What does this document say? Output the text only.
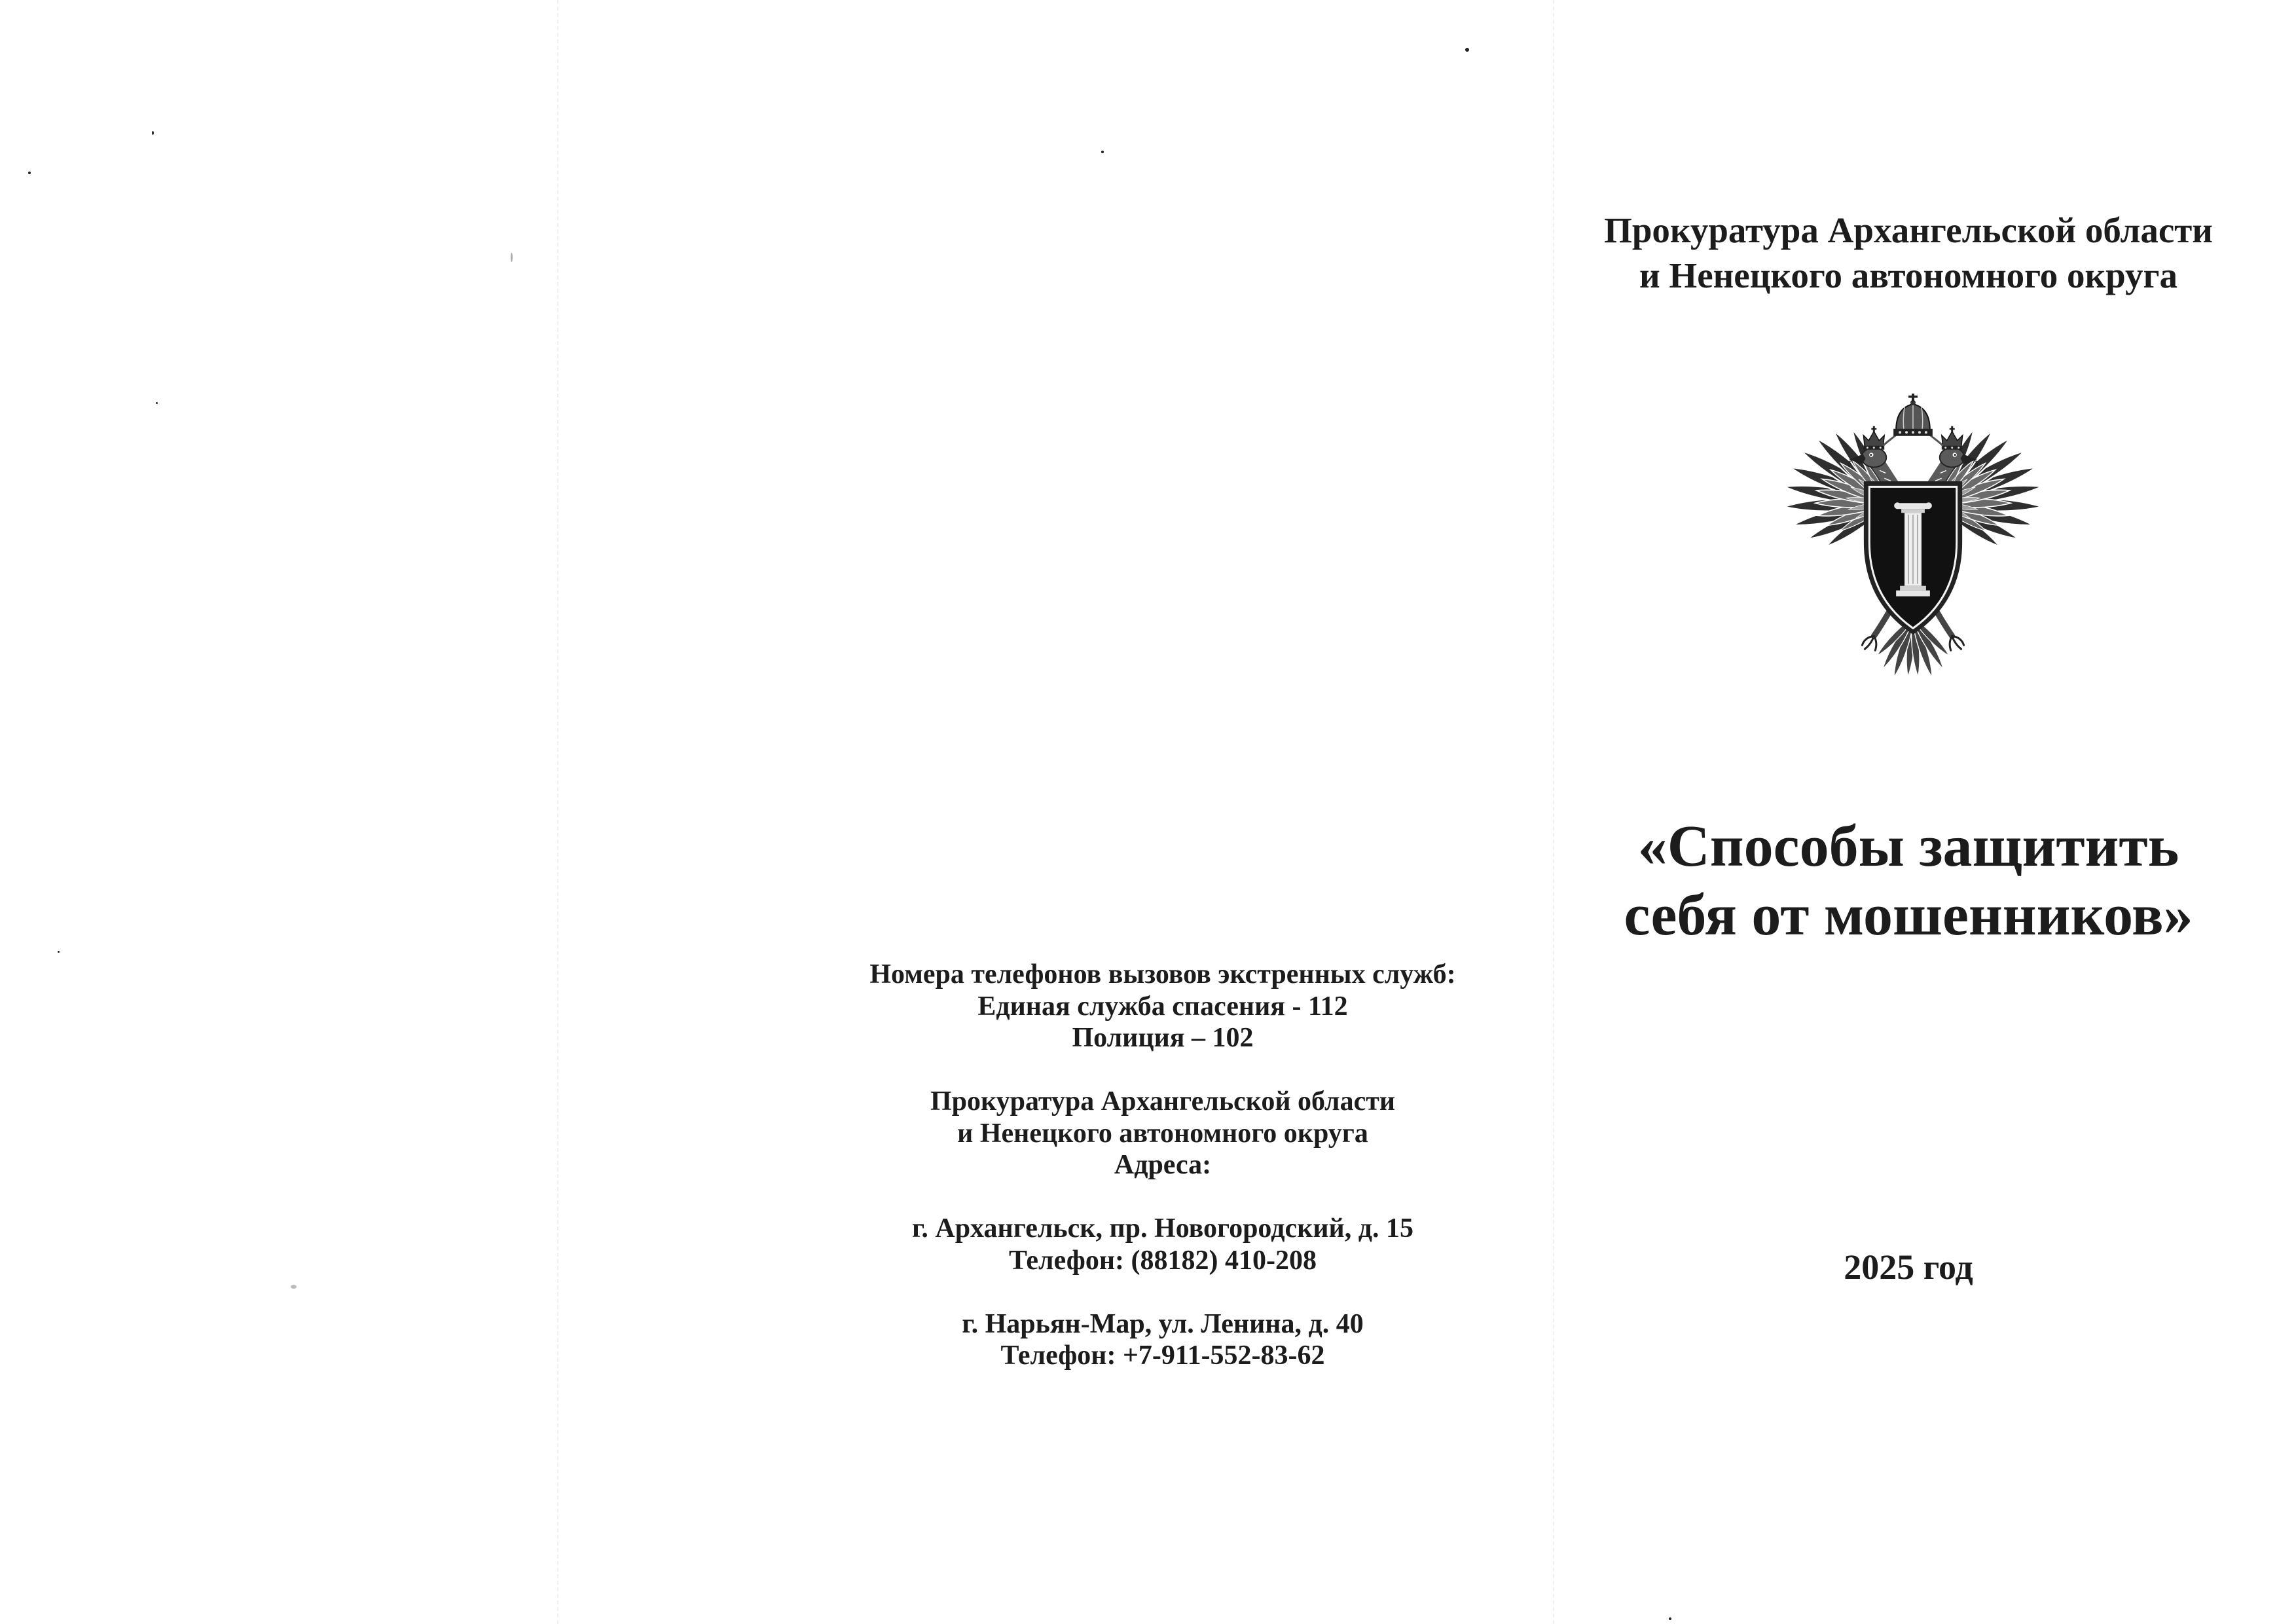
Номера телефонов вызовов экстренных служб:
Единая служба спасения - 112
Полиция – 102
Прокуратура Архангельской области
и Ненецкого автономного округа
Адреса:
г. Архангельск, пр. Новогородский, д. 15
Телефон: (88182) 410-208
г. Нарьян-Мар, ул. Ленина, д. 40
Телефон: +7-911-552-83-62
Прокуратура Архангельской области
и Ненецкого автономного округа
«Способы защитить
себя от мошенников»
2025 год
